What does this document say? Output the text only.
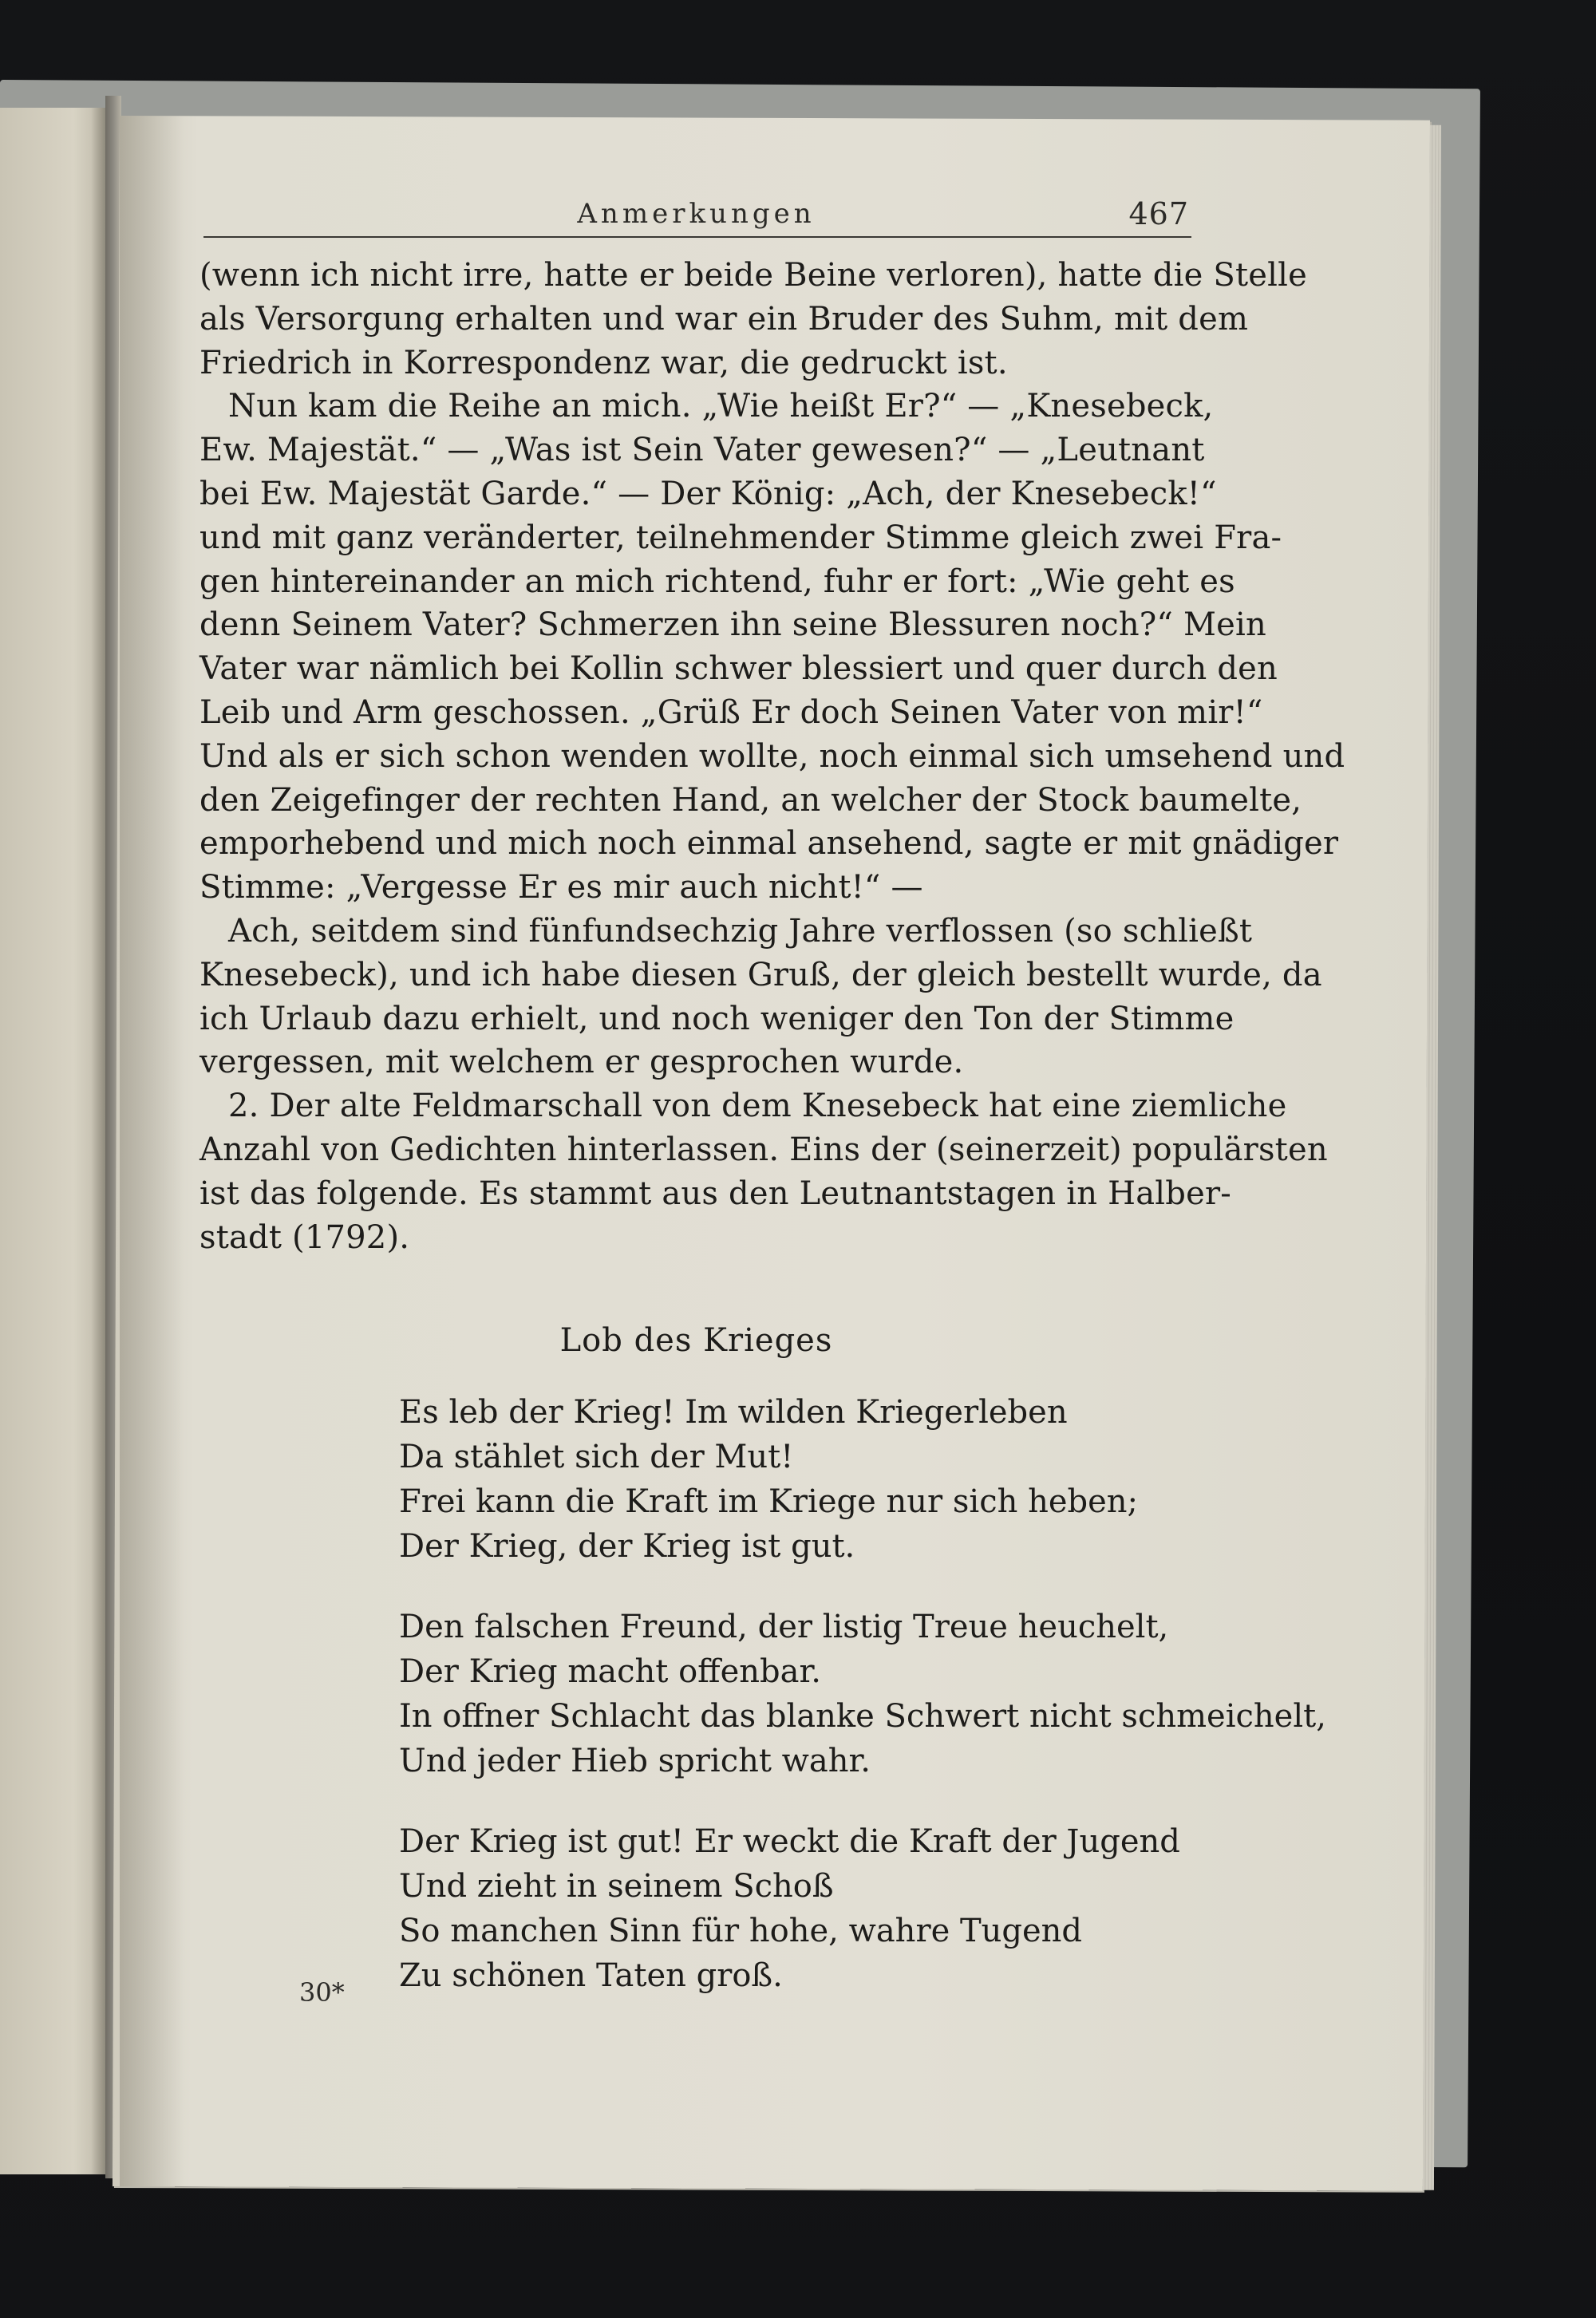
Anmerkungen	467
(wenn ich nicht irre, hatte er beide Beine verloren), hatte die Stelle
als Versorgung erhalten und war ein Bruder des Suhm, mit dem
Friedrich in Korrespondenz war, die gedruckt ist.
Nun kam die Reihe an mich. „Wie heißt Er?“ — „Knesebeck,
Ew. Majestät.“ — „Was ist Sein Vater gewesen?“ — „Leutnant
bei Ew. Majestät Garde.“ — Der König: „Ach, der Knesebeck!“
und mit ganz veränderter, teilnehmender Stimme gleich zwei Fra-
gen hintereinander an mich richtend, fuhr er fort: „Wie geht es
denn Seinem Vater? Schmerzen ihn seine Blessuren noch?“ Mein
Vater war nämlich bei Kollin schwer blessiert und quer durch den
Leib und Arm geschossen. „Grüß Er doch Seinen Vater von mir!“
Und als er sich schon wenden wollte, noch einmal sich umsehend und
den Zeigefinger der rechten Hand, an welcher der Stock baumelte,
emporhebend und mich noch einmal ansehend, sagte er mit gnädiger
Stimme: „Vergesse Er es mir auch nicht!“ —
Ach, seitdem sind fünfundsechzig Jahre verflossen (so schließt
Knesebeck), und ich habe diesen Gruß, der gleich bestellt wurde, da
ich Urlaub dazu erhielt, und noch weniger den Ton der Stimme
vergessen, mit welchem er gesprochen wurde.
2. Der alte Feldmarschall von dem Knesebeck hat eine ziemliche
Anzahl von Gedichten hinterlassen. Eins der (seinerzeit) populärsten
ist das folgende. Es stammt aus den Leutnantstagen in Halber-
stadt (1792).
Lob des Krieges
Es leb der Krieg! Im wilden Kriegerleben
Da stählet sich der Mut!
Frei kann die Kraft im Kriege nur sich heben;
Der Krieg, der Krieg ist gut.
Den falschen Freund, der listig Treue heuchelt,
Der Krieg macht offenbar.
In offner Schlacht das blanke Schwert nicht schmeichelt,
Und jeder Hieb spricht wahr.
Der Krieg ist gut! Er weckt die Kraft der Jugend
Und zieht in seinem Schoß
So manchen Sinn für hohe, wahre Tugend
Zu schönen Taten groß.
30*
